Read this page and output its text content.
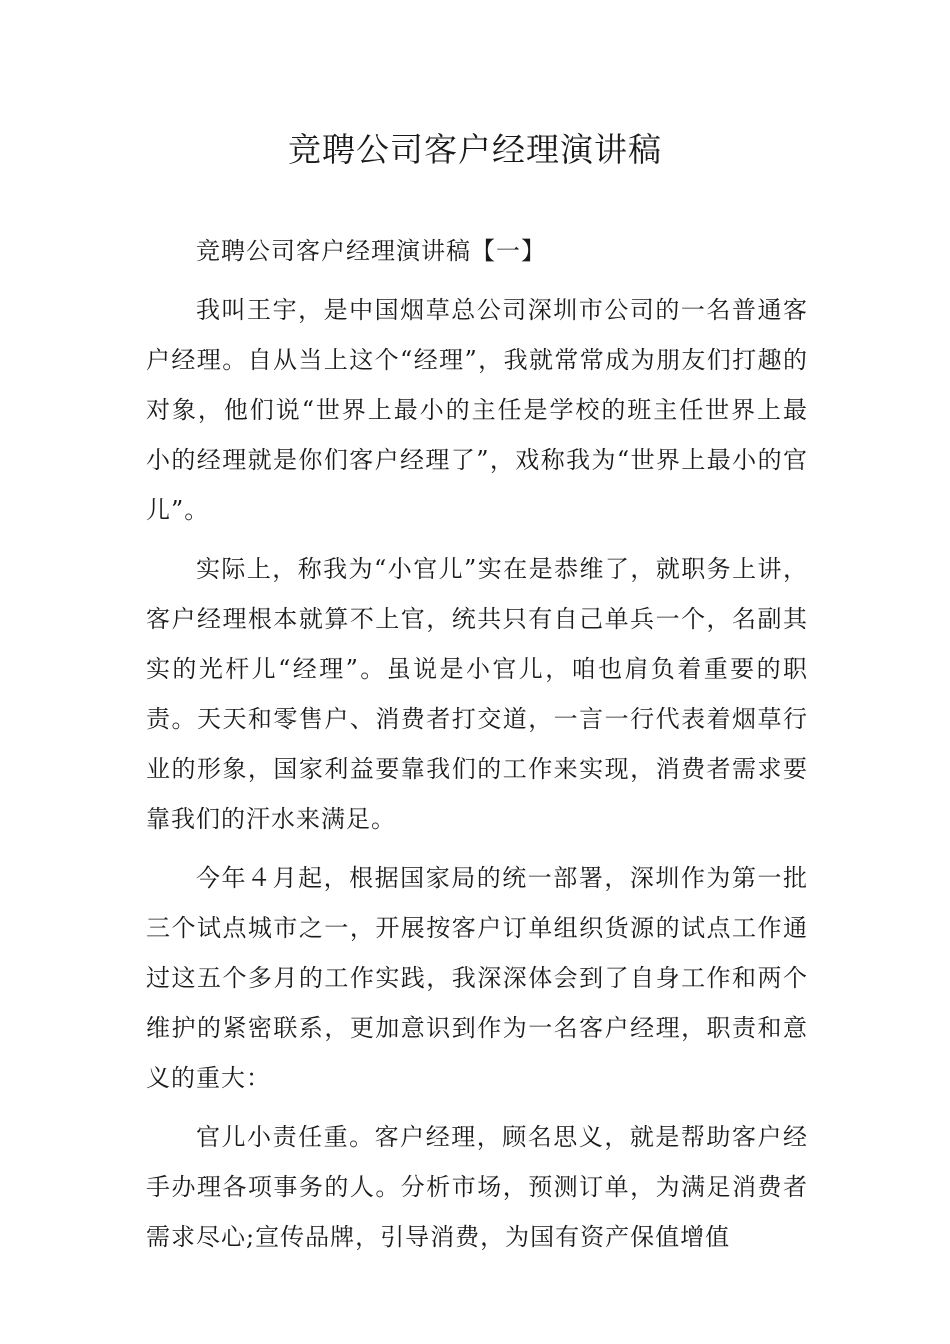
竞聘公司客户经理演讲稿

竞聘公司客户经理演讲稿【一】

我叫王宇，是中国烟草总公司深圳市公司的一名普通客户经理。自从当上这个“经理”，我就常常成为朋友们打趣的对象，他们说“世界上最小的主任是学校的班主任世界上最小的经理就是你们客户经理了”，戏称我为“世界上最小的官儿”。

实际上，称我为“小官儿”实在是恭维了，就职务上讲，客户经理根本就算不上官，统共只有自己单兵一个，名副其实的光杆儿“经理”。虽说是小官儿，咱也肩负着重要的职责。天天和零售户、消费者打交道，一言一行代表着烟草行业的形象，国家利益要靠我们的工作来实现，消费者需求要靠我们的汗水来满足。

今年４月起，根据国家局的统一部署，深圳作为第一批三个试点城市之一，开展按客户订单组织货源的试点工作通过这五个多月的工作实践，我深深体会到了自身工作和两个维护的紧密联系，更加意识到作为一名客户经理，职责和意义的重大：

官儿小责任重。客户经理，顾名思义，就是帮助客户经手办理各项事务的人。分析市场，预测订单，为满足消费者需求尽心;宣传品牌，引导消费，为国有资产保值增值
